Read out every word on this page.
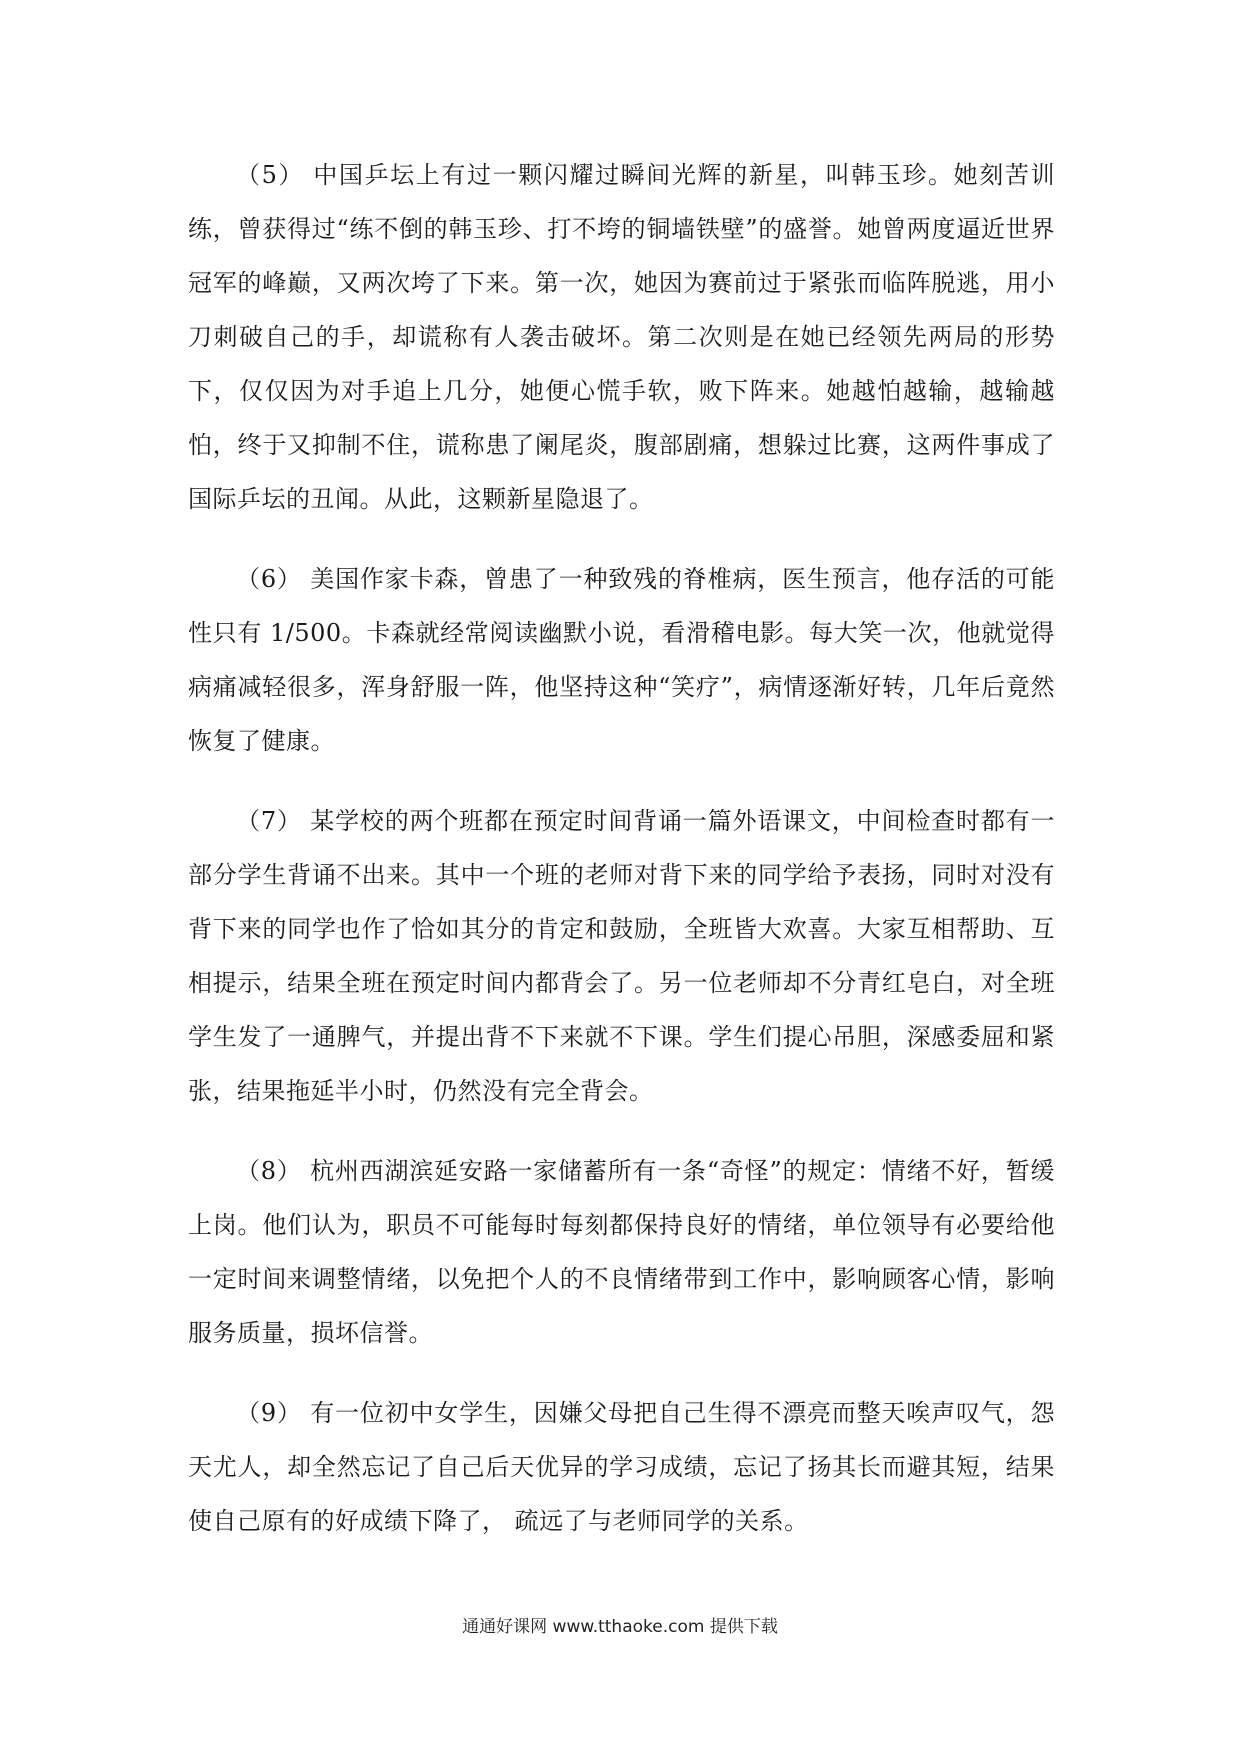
（5） 中国乒坛上有过一颗闪耀过瞬间光辉的新星，叫韩玉珍。她刻苦训练，曾获得过“练不倒的韩玉珍、打不垮的铜墙铁壁”的盛誉。她曾两度逼近世界冠军的峰巅，又两次垮了下来。第一次，她因为赛前过于紧张而临阵脱逃，用小刀刺破自己的手，却谎称有人袭击破坏。第二次则是在她已经领先两局的形势下，仅仅因为对手追上几分，她便心慌手软，败下阵来。她越怕越输，越输越怕，终于又抑制不住，谎称患了阑尾炎，腹部剧痛，想躲过比赛，这两件事成了国际乒坛的丑闻。从此，这颗新星隐退了。

（6） 美国作家卡森，曾患了一种致残的脊椎病，医生预言，他存活的可能性只有 1/500。卡森就经常阅读幽默小说，看滑稽电影。每大笑一次，他就觉得病痛减轻很多，浑身舒服一阵，他坚持这种“笑疗”，病情逐渐好转，几年后竟然恢复了健康。

（7） 某学校的两个班都在预定时间背诵一篇外语课文，中间检查时都有一部分学生背诵不出来。其中一个班的老师对背下来的同学给予表扬，同时对没有背下来的同学也作了恰如其分的肯定和鼓励，全班皆大欢喜。大家互相帮助、互相提示，结果全班在预定时间内都背会了。另一位老师却不分青红皂白，对全班学生发了一通脾气，并提出背不下来就不下课。学生们提心吊胆，深感委屈和紧张，结果拖延半小时，仍然没有完全背会。

（8） 杭州西湖滨延安路一家储蓄所有一条“奇怪”的规定：情绪不好，暂缓上岗。他们认为，职员不可能每时每刻都保持良好的情绪，单位领导有必要给他一定时间来调整情绪，以免把个人的不良情绪带到工作中，影响顾客心情，影响服务质量，损坏信誉。

（9） 有一位初中女学生，因嫌父母把自己生得不漂亮而整天唉声叹气，怨天尤人，却全然忘记了自己后天优异的学习成绩，忘记了扬其长而避其短，结果使自己原有的好成绩下降了， 疏远了与老师同学的关系。

通通好课网 www.tthaoke.com 提供下载
